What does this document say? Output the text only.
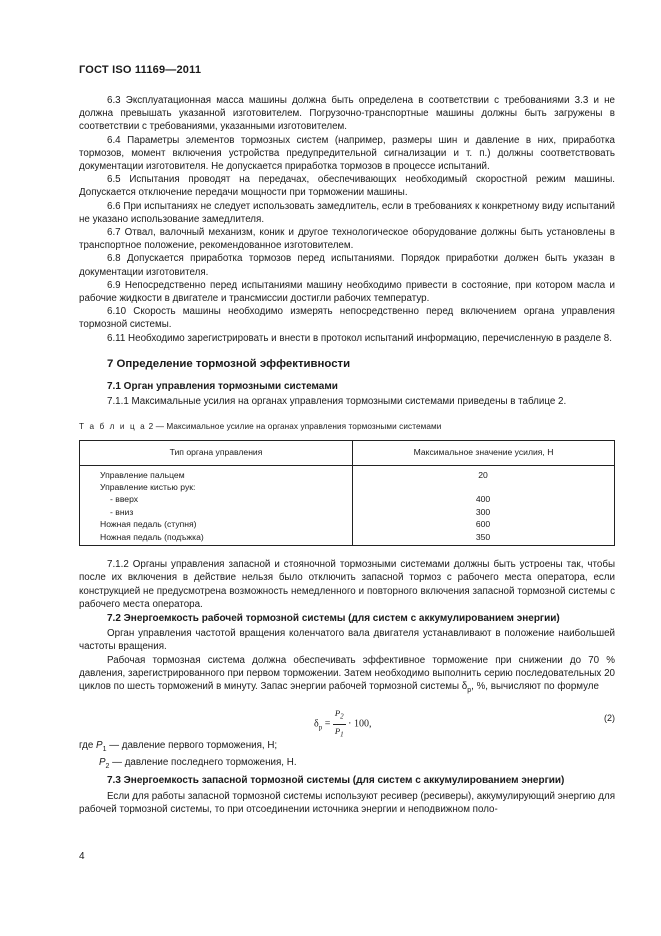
ГОСТ ISO 11169—2011

6.3 Эксплуатационная масса машины должна быть определена в соответствии с требованиями 3.3 и не должна превышать указанной изготовителем. Погрузочно-транспортные машины должны быть загружены в соответствии с требованиями, указанными изготовителем.

6.4 Параметры элементов тормозных систем (например, размеры шин и давление в них, приработка тормозов, момент включения устройства предупредительной сигнализации и т. п.) должны соответствовать документации изготовителя. Не допускается приработка тормозов в процессе испытаний.

6.5 Испытания проводят на передачах, обеспечивающих необходимый скоростной режим машины. Допускается отключение передачи мощности при торможении машины.

6.6 При испытаниях не следует использовать замедлитель, если в требованиях к конкретному виду испытаний не указано использование замедлителя.

6.7 Отвал, валочный механизм, коник и другое технологическое оборудование должны быть установлены в транспортное положение, рекомендованное изготовителем.

6.8 Допускается приработка тормозов перед испытаниями. Порядок приработки должен быть указан в документации изготовителя.

6.9 Непосредственно перед испытаниями машину необходимо привести в состояние, при котором масла и рабочие жидкости в двигателе и трансмиссии достигли рабочих температур.

6.10 Скорость машины необходимо измерять непосредственно перед включением органа управления тормозной системы.

6.11 Необходимо зарегистрировать и внести в протокол испытаний информацию, перечисленную в разделе 8.

7 Определение тормозной эффективности
7.1 Орган управления тормозными системами

7.1.1 Максимальные усилия на органах управления тормозными системами приведены в таблице 2.

Т а б л и ц а 2 — Максимальное усилие на органах управления тормозными системами
Тип органа управления	Максимальное значение усилия, Н
Управление пальцем	20
Управление кистью рук:	
- вверх	400
- вниз	300
Ножная педаль (ступня)	600
Ножная педаль (подъжка)	350

7.1.2 Органы управления запасной и стояночной тормозными системами должны быть устроены так, чтобы после их включения в действие нельзя было отключить запасной тормоз с рабочего места оператора, если конструкцией не предусмотрена возможность немедленного и повторного включения запасной тормозной системы с рабочего места оператора.

7.2 Энергоемкость рабочей тормозной системы (для систем с аккумулированием энергии)

Орган управления частотой вращения коленчатого вала двигателя устанавливают в положение наибольшей частоты вращения.

Рабочая тормозная система должна обеспечивать эффективное торможение при снижении до 70 % давления, зарегистрированного при первом торможении. Затем необходимо выполнить серию последовательных 20 циклов по шесть торможений в минуту. Запас энергии рабочей тормозной системы $\delta_р$, %, вычисляют по формуле

$\delta_р = \frac{P_2}{P_1} \cdot 100$,
(2)

где $P_1$ — давление первого торможения, Н;

$P_2$ — давление последнего торможения, Н.

7.3 Энергоемкость запасной тормозной системы (для систем с аккумулированием энергии)

Если для работы запасной тормозной системы используют ресивер (ресиверы), аккумулирующий энергию для рабочей тормозной системы, то при отсоединении источника энергии и неподвижном поло-

4
